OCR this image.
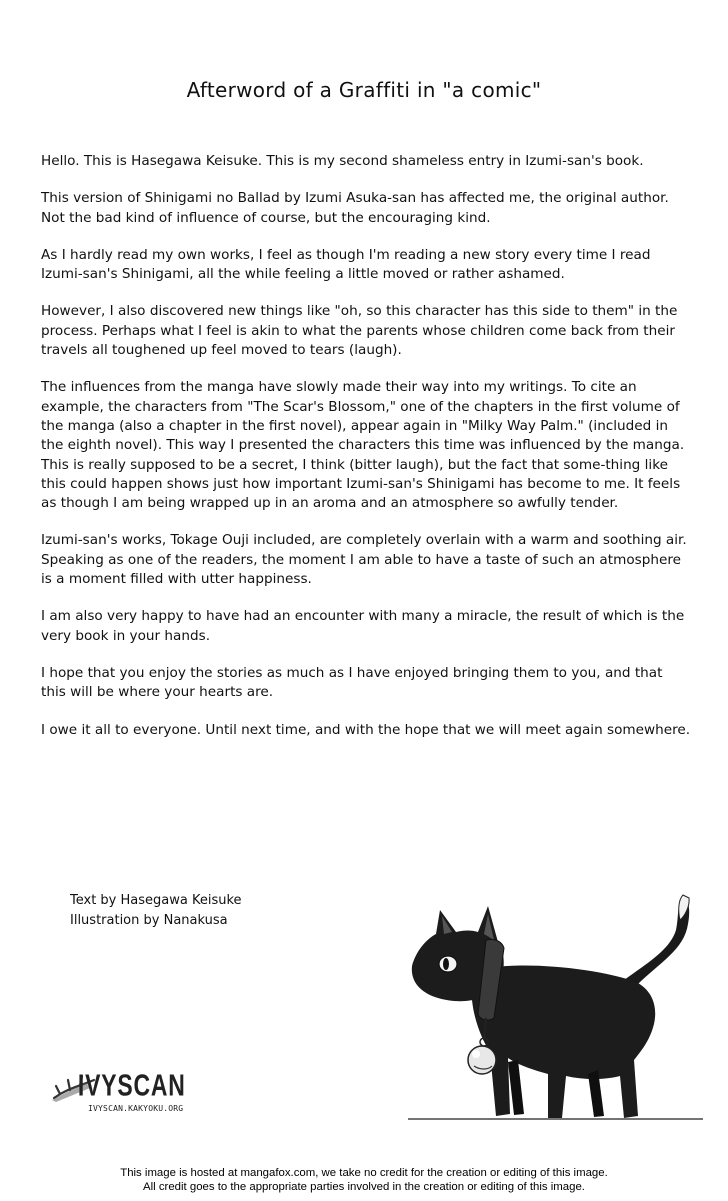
Afterword of a Graffiti in "a comic"

Hello. This is Hasegawa Keisuke. This is my second shameless entry in Izumi-san's book.

This version of Shinigami no Ballad by Izumi Asuka-san has affected me, the original author. Not the bad kind of influence of course, but the encouraging kind.

As I hardly read my own works, I feel as though I'm reading a new story every time I read Izumi-san's Shinigami, all the while feeling a little moved or rather ashamed.

However, I also discovered new things like "oh, so this character has this side to them" in the process. Perhaps what I feel is akin to what the parents whose children come back from their travels all toughened up feel moved to tears (laugh).

The influences from the manga have slowly made their way into my writings. To cite an example, the characters from "The Scar's Blossom," one of the chapters in the first volume of the manga (also a chapter in the first novel), appear again in "Milky Way Palm." (included in the eighth novel). This way I presented the characters this time was influenced by the manga. This is really supposed to be a secret, I think (bitter laugh), but the fact that some-thing like this could happen shows just how important Izumi-san's Shinigami has become to me. It feels as though I am being wrapped up in an aroma and an atmosphere so awfully tender.

Izumi-san's works, Tokage Ouji included, are completely overlain with a warm and soothing air. Speaking as one of the readers, the moment I am able to have a taste of such an atmosphere is a moment filled with utter happiness.

I am also very happy to have had an encounter with many a miracle, the result of which is the very book in your hands.

I hope that you enjoy the stories as much as I have enjoyed bringing them to you, and that this will be where your hearts are.

I owe it all to everyone. Until next time, and with the hope that we will meet again somewhere.

Text by Hasegawa Keisuke
Illustration by Nanakusa
IVYSCAN
IVYSCAN.KAKYOKU.ORG
This image is hosted at mangafox.com, we take no credit for the creation or editing of this image.
All credit goes to the appropriate parties involved in the creation or editing of this image.
